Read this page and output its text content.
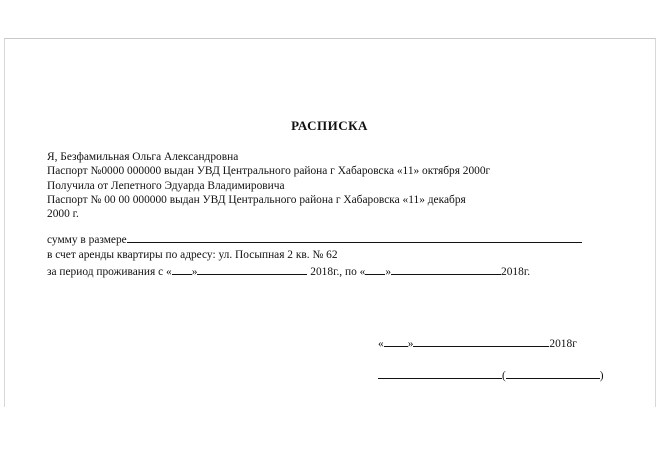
РАСПИСКА
Я, Безфамильная Ольга Александровна
Паспорт №0000 000000 выдан УВД Центрального района г Хабаровска «11» октября 2000г
Получила от Лепетного Эдуарда Владимировича
Паспорт № 00 00 000000 выдан УВД Центрального района г Хабаровска «11» декабря
2000 г.
сумму в размере
в счет аренды квартиры по адресу: ул. Посыпная 2 кв. № 62
за период проживания с « »	2018г., по « »	2018г.
« »	2018г
(	)
